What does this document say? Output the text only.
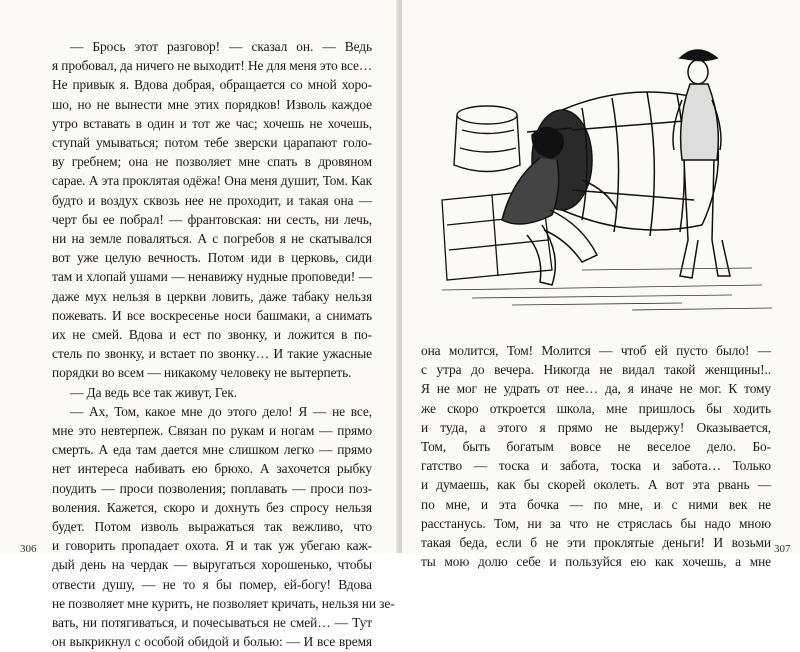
— Брось этот разговор! — сказал он. — Ведь
я пробовал, да ничего не выходит! Не для меня это все…
Не привык я. Вдова добрая, обращается со мной хоро-
шо, но не вынести мне этих порядков! Изволь каждое
утро вставать в один и тот же час; хочешь не хочешь,
ступай умываться; потом тебе зверски царапают голо-
ву гребнем; она не позволяет мне спать в дровяном
сарае. А эта проклятая одёжа! Она меня душит, Том. Как
будто и воздух сквозь нее не проходит, и такая она —
черт бы ее побрал! — франтовская: ни сесть, ни лечь,
ни на земле поваляться. А с погребов я не скатывался
вот уже целую вечность. Потом иди в церковь, сиди
там и хлопай ушами — ненавижу нудные проповеди! —
даже мух нельзя в церкви ловить, даже табаку нельзя
пожевать. И все воскресенье носи башмаки, а снимать
их не смей. Вдова и ест по звонку, и ложится в по-
стель по звонку, и встает по звонку… И такие ужасные
порядки во всем — никакому человеку не вытерпеть.
— Да ведь все так живут, Гек.
— Ах, Том, какое мне до этого дело! Я — не все,
мне это невтерпеж. Связан по рукам и ногам — прямо
смерть. А еда там дается мне слишком легко — прямо
нет интереса набивать ею брюхо. А захочется рыбку
поудить — проси позволения; поплавать — проси поз-
воления. Кажется, скоро и дохнуть без спросу нельзя
будет. Потом изволь выражаться так вежливо, что
и говорить пропадает охота. Я и так уж убегаю каж-
дый день на чердак — выругаться хорошенько, чтобы
отвести душу, — не то я бы помер, ей-богу! Вдова
не позволяет мне курить, не позволяет кричать, нельзя ни зе-
вать, ни потягиваться, и почесываться не смей… — Тут
он выкрикнул с особой обидой и болью: — И все время
306
она молится, Том! Молится — чтоб ей пусто было! —
с утра до вечера. Никогда не видал такой женщины!..
Я не мог не удрать от нее… да, я иначе не мог. К тому
же скоро откроется школа, мне пришлось бы ходить
и туда, а этого я прямо не выдержу! Оказывается,
Том, быть богатым вовсе не веселое дело. Бо-
гатство — тоска и забота, тоска и забота… Только
и думаешь, как бы скорей околеть. А вот эта рвань —
по мне, и эта бочка — по мне, и с ними век не
расстанусь. Том, ни за что не стряслась бы надо мною
такая беда, если б не эти проклятые деньги! И возьми
ты мою долю себе и пользуйся ею как хочешь, а мне
307
